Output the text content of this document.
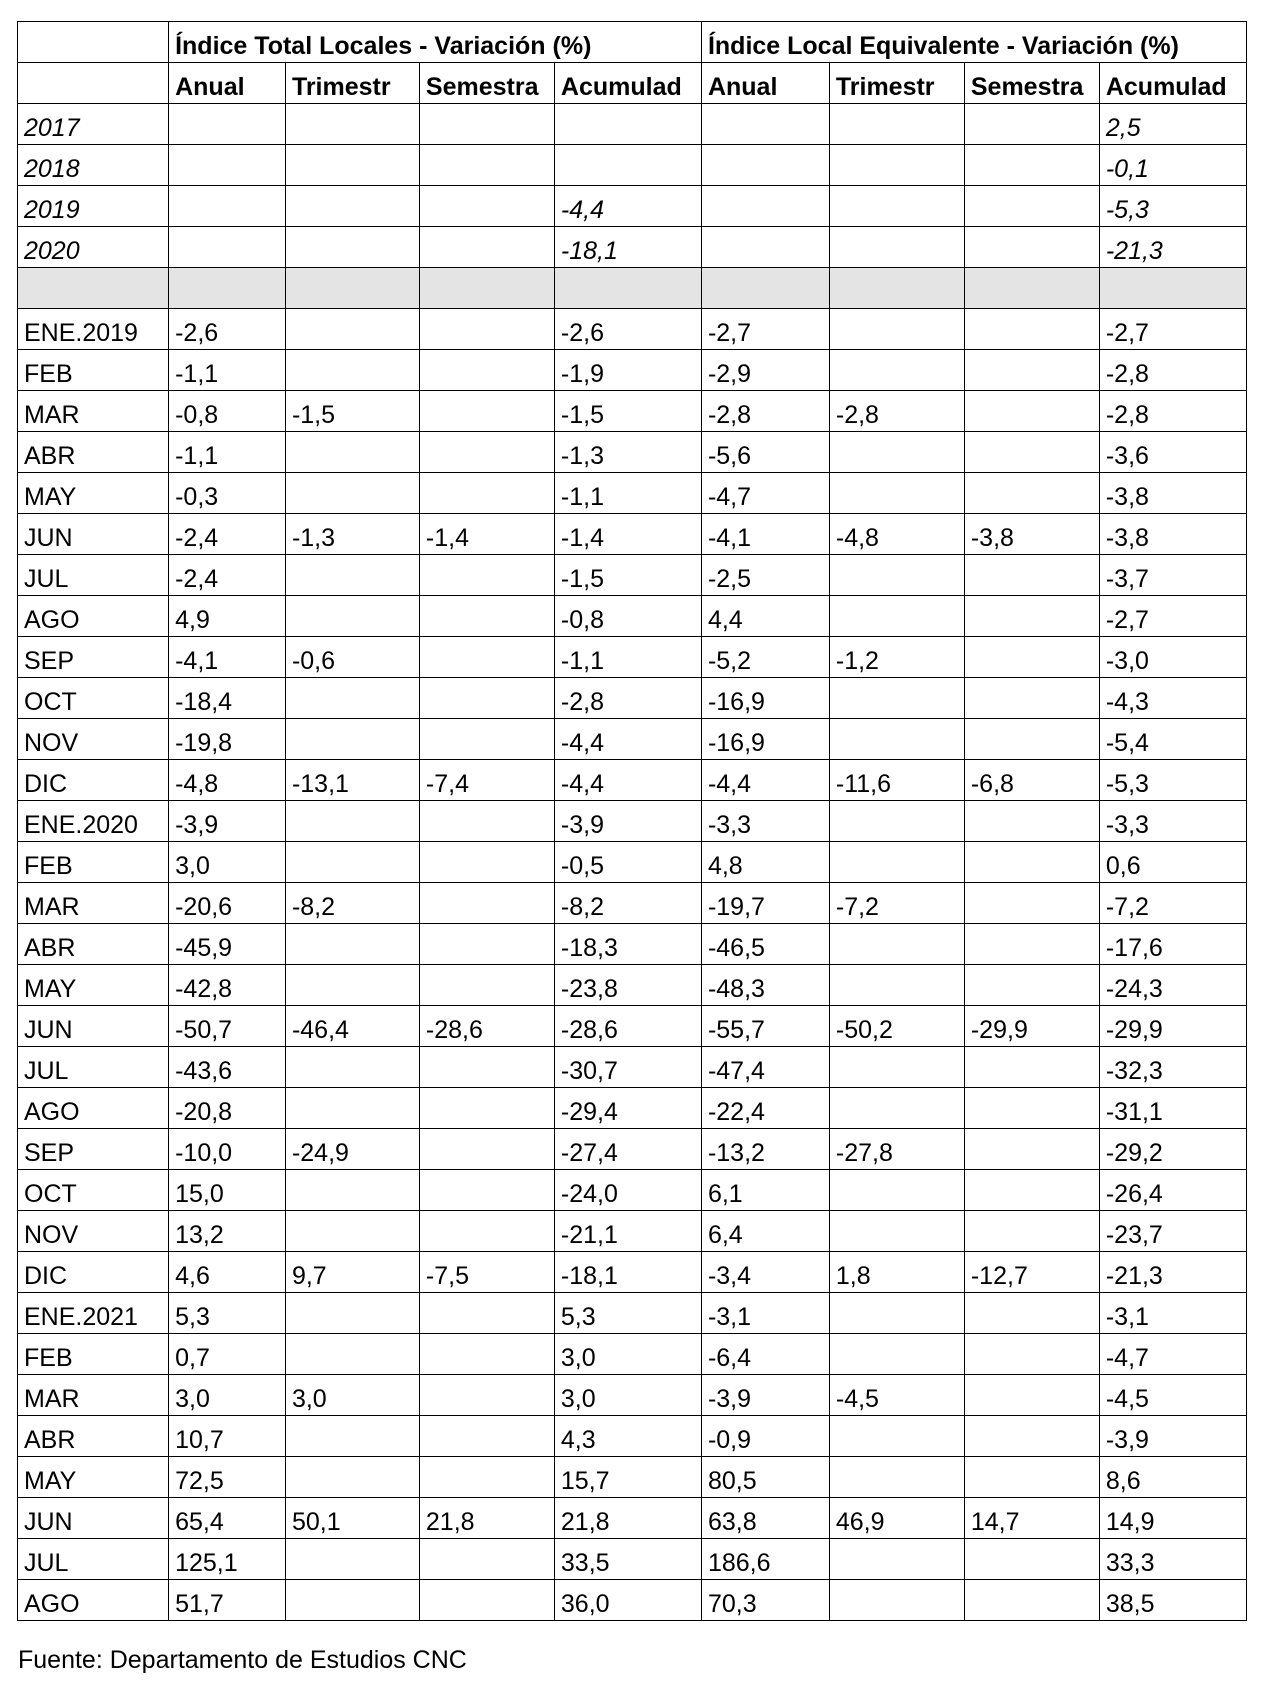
	Índice Total Locales - Variación (%)				Índice Local Equivalente - Variación (%)			
	Anual	Trimestr	Semestra	Acumulad	Anual	Trimestr	Semestra	Acumulad
2017								2,5
2018								-0,1
2019				-4,4				-5,3
2020				-18,1				-21,3

ENE.2019	-2,6			-2,6	-2,7			-2,7
FEB	-1,1			-1,9	-2,9			-2,8
MAR	-0,8	-1,5		-1,5	-2,8	-2,8		-2,8
ABR	-1,1			-1,3	-5,6			-3,6
MAY	-0,3			-1,1	-4,7			-3,8
JUN	-2,4	-1,3	-1,4	-1,4	-4,1	-4,8	-3,8	-3,8
JUL	-2,4			-1,5	-2,5			-3,7
AGO	4,9			-0,8	4,4			-2,7
SEP	-4,1	-0,6		-1,1	-5,2	-1,2		-3,0
OCT	-18,4			-2,8	-16,9			-4,3
NOV	-19,8			-4,4	-16,9			-5,4
DIC	-4,8	-13,1	-7,4	-4,4	-4,4	-11,6	-6,8	-5,3
ENE.2020	-3,9			-3,9	-3,3			-3,3
FEB	3,0			-0,5	4,8			0,6
MAR	-20,6	-8,2		-8,2	-19,7	-7,2		-7,2
ABR	-45,9			-18,3	-46,5			-17,6
MAY	-42,8			-23,8	-48,3			-24,3
JUN	-50,7	-46,4	-28,6	-28,6	-55,7	-50,2	-29,9	-29,9
JUL	-43,6			-30,7	-47,4			-32,3
AGO	-20,8			-29,4	-22,4			-31,1
SEP	-10,0	-24,9		-27,4	-13,2	-27,8		-29,2
OCT	15,0			-24,0	6,1			-26,4
NOV	13,2			-21,1	6,4			-23,7
DIC	4,6	9,7	-7,5	-18,1	-3,4	1,8	-12,7	-21,3
ENE.2021	5,3			5,3	-3,1			-3,1
FEB	0,7			3,0	-6,4			-4,7
MAR	3,0	3,0		3,0	-3,9	-4,5		-4,5
ABR	10,7			4,3	-0,9			-3,9
MAY	72,5			15,7	80,5			8,6
JUN	65,4	50,1	21,8	21,8	63,8	46,9	14,7	14,9
JUL	125,1			33,5	186,6			33,3
AGO	51,7			36,0	70,3			38,5
Fuente: Departamento de Estudios CNC
